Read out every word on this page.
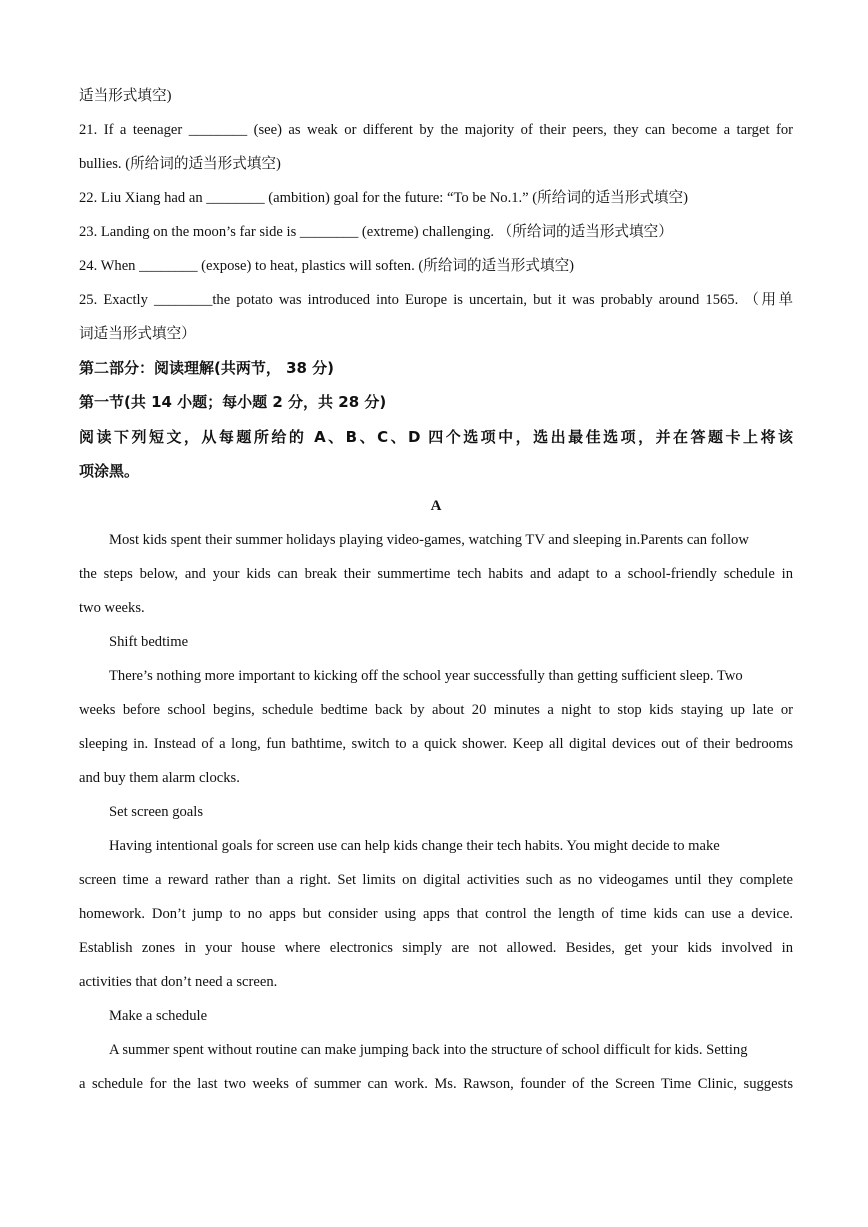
适当形式填空)
21. If a teenager ________ (see) as weak or different by the majority of their peers, they can become a target for
bullies. (所给词的适当形式填空)
22. Liu Xiang had an ________ (ambition) goal for the future: “To be No.1.” (所给词的适当形式填空)
23. Landing on the moon’s far side is ________ (extreme) challenging. （所给词的适当形式填空）
24. When ________ (expose) to heat, plastics will soften. (所给词的适当形式填空)
25. Exactly ________the potato was introduced into Europe is uncertain, but it was probably around 1565. （用单
词适当形式填空）
第二部分：阅读理解(共两节， 38 分)
第一节(共 14 小题；每小题 2 分，共 28 分)
阅读下列短文，从每题所给的 A、B、C、D 四个选项中，选出最佳选项，并在答题卡上将该
项涂黑。
A
Most kids spent their summer holidays playing video-games, watching TV and sleeping in.Parents can follow
the steps below, and your kids can break their summertime tech habits and adapt to a school-friendly schedule in
two weeks.
Shift bedtime
There’s nothing more important to kicking off the school year successfully than getting sufficient sleep. Two
weeks before school begins, schedule bedtime back by about 20 minutes a night to stop kids staying up late or
sleeping in. Instead of a long, fun bathtime, switch to a quick shower. Keep all digital devices out of their bedrooms
and buy them alarm clocks.
Set screen goals
Having intentional goals for screen use can help kids change their tech habits. You might decide to make
screen time a reward rather than a right. Set limits on digital activities such as no videogames until they complete
homework. Don’t jump to no apps but consider using apps that control the length of time kids can use a device.
Establish zones in your house where electronics simply are not allowed. Besides, get your kids involved in
activities that don’t need a screen.
Make a schedule
A summer spent without routine can make jumping back into the structure of school difficult for kids. Setting
a schedule for the last two weeks of summer can work. Ms. Rawson, founder of the Screen Time Clinic, suggests
